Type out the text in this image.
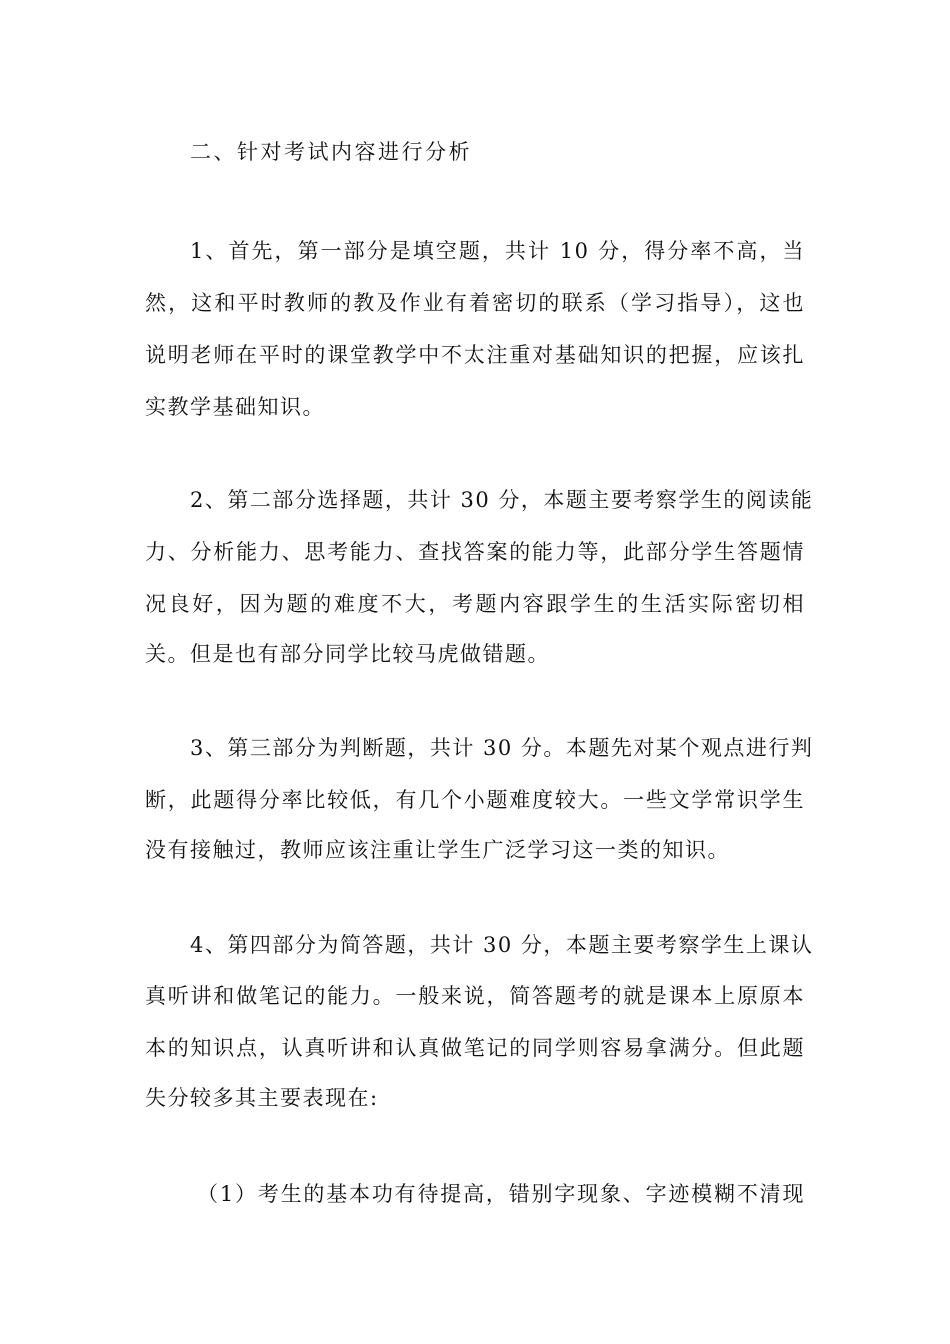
二、针对考试内容进行分析
1、首先，第一部分是填空题，共计 10 分，得分率不高，当
然，这和平时教师的教及作业有着密切的联系（学习指导），这也
说明老师在平时的课堂教学中不太注重对基础知识的把握，应该扎
实教学基础知识。
2、第二部分选择题，共计 30 分，本题主要考察学生的阅读能
力、分析能力、思考能力、查找答案的能力等，此部分学生答题情
况良好，因为题的难度不大，考题内容跟学生的生活实际密切相
关。但是也有部分同学比较马虎做错题。
3、第三部分为判断题，共计 30 分。本题先对某个观点进行判
断，此题得分率比较低，有几个小题难度较大。一些文学常识学生
没有接触过，教师应该注重让学生广泛学习这一类的知识。
4、第四部分为简答题，共计 30 分，本题主要考察学生上课认
真听讲和做笔记的能力。一般来说，简答题考的就是课本上原原本
本的知识点，认真听讲和认真做笔记的同学则容易拿满分。但此题
失分较多其主要表现在:
（1）考生的基本功有待提高，错别字现象、字迹模糊不清现
